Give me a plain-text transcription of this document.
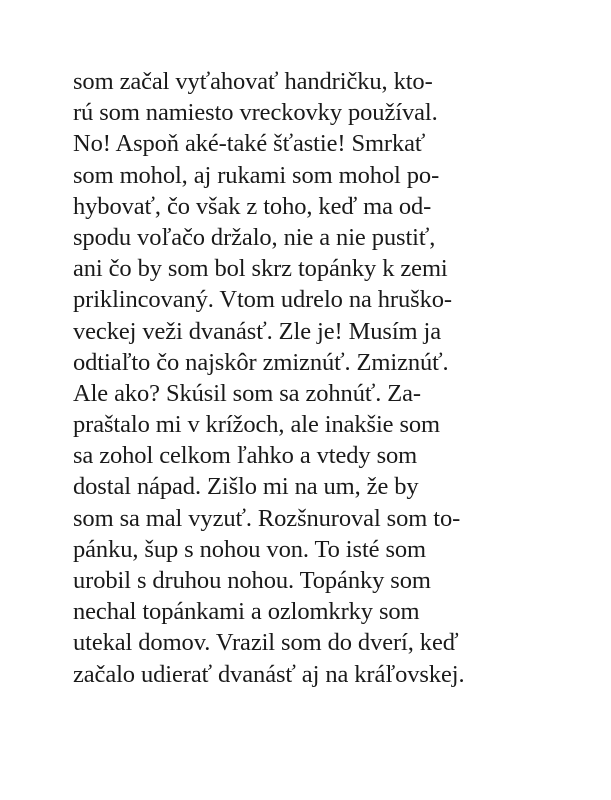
som začal vyťahovať handričku, kto-
rú som namiesto vreckovky používal.
No! Aspoň aké-také šťastie! Smrkať
som mohol, aj rukami som mohol po-
hybovať, čo však z toho, keď ma od-
spodu voľačo držalo, nie a nie pustiť,
ani čo by som bol skrz topánky k zemi
priklincovaný. Vtom udrelo na hruško-
veckej veži dvanásť. Zle je! Musím ja
odtiaľto čo najskôr zmiznúť. Zmiznúť.
Ale ako? Skúsil som sa zohnúť. Za-
praštalo mi v krížoch, ale inakšie som
sa zohol celkom ľahko a vtedy som
dostal nápad. Zišlo mi na um, že by
som sa mal vyzuť. Rozšnuroval som to-
pánku, šup s nohou von. To isté som
urobil s druhou nohou. Topánky som
nechal topánkami a ozlomkrky som
utekal domov. Vrazil som do dverí, keď
začalo udierať dvanásť aj na kráľovskej.
